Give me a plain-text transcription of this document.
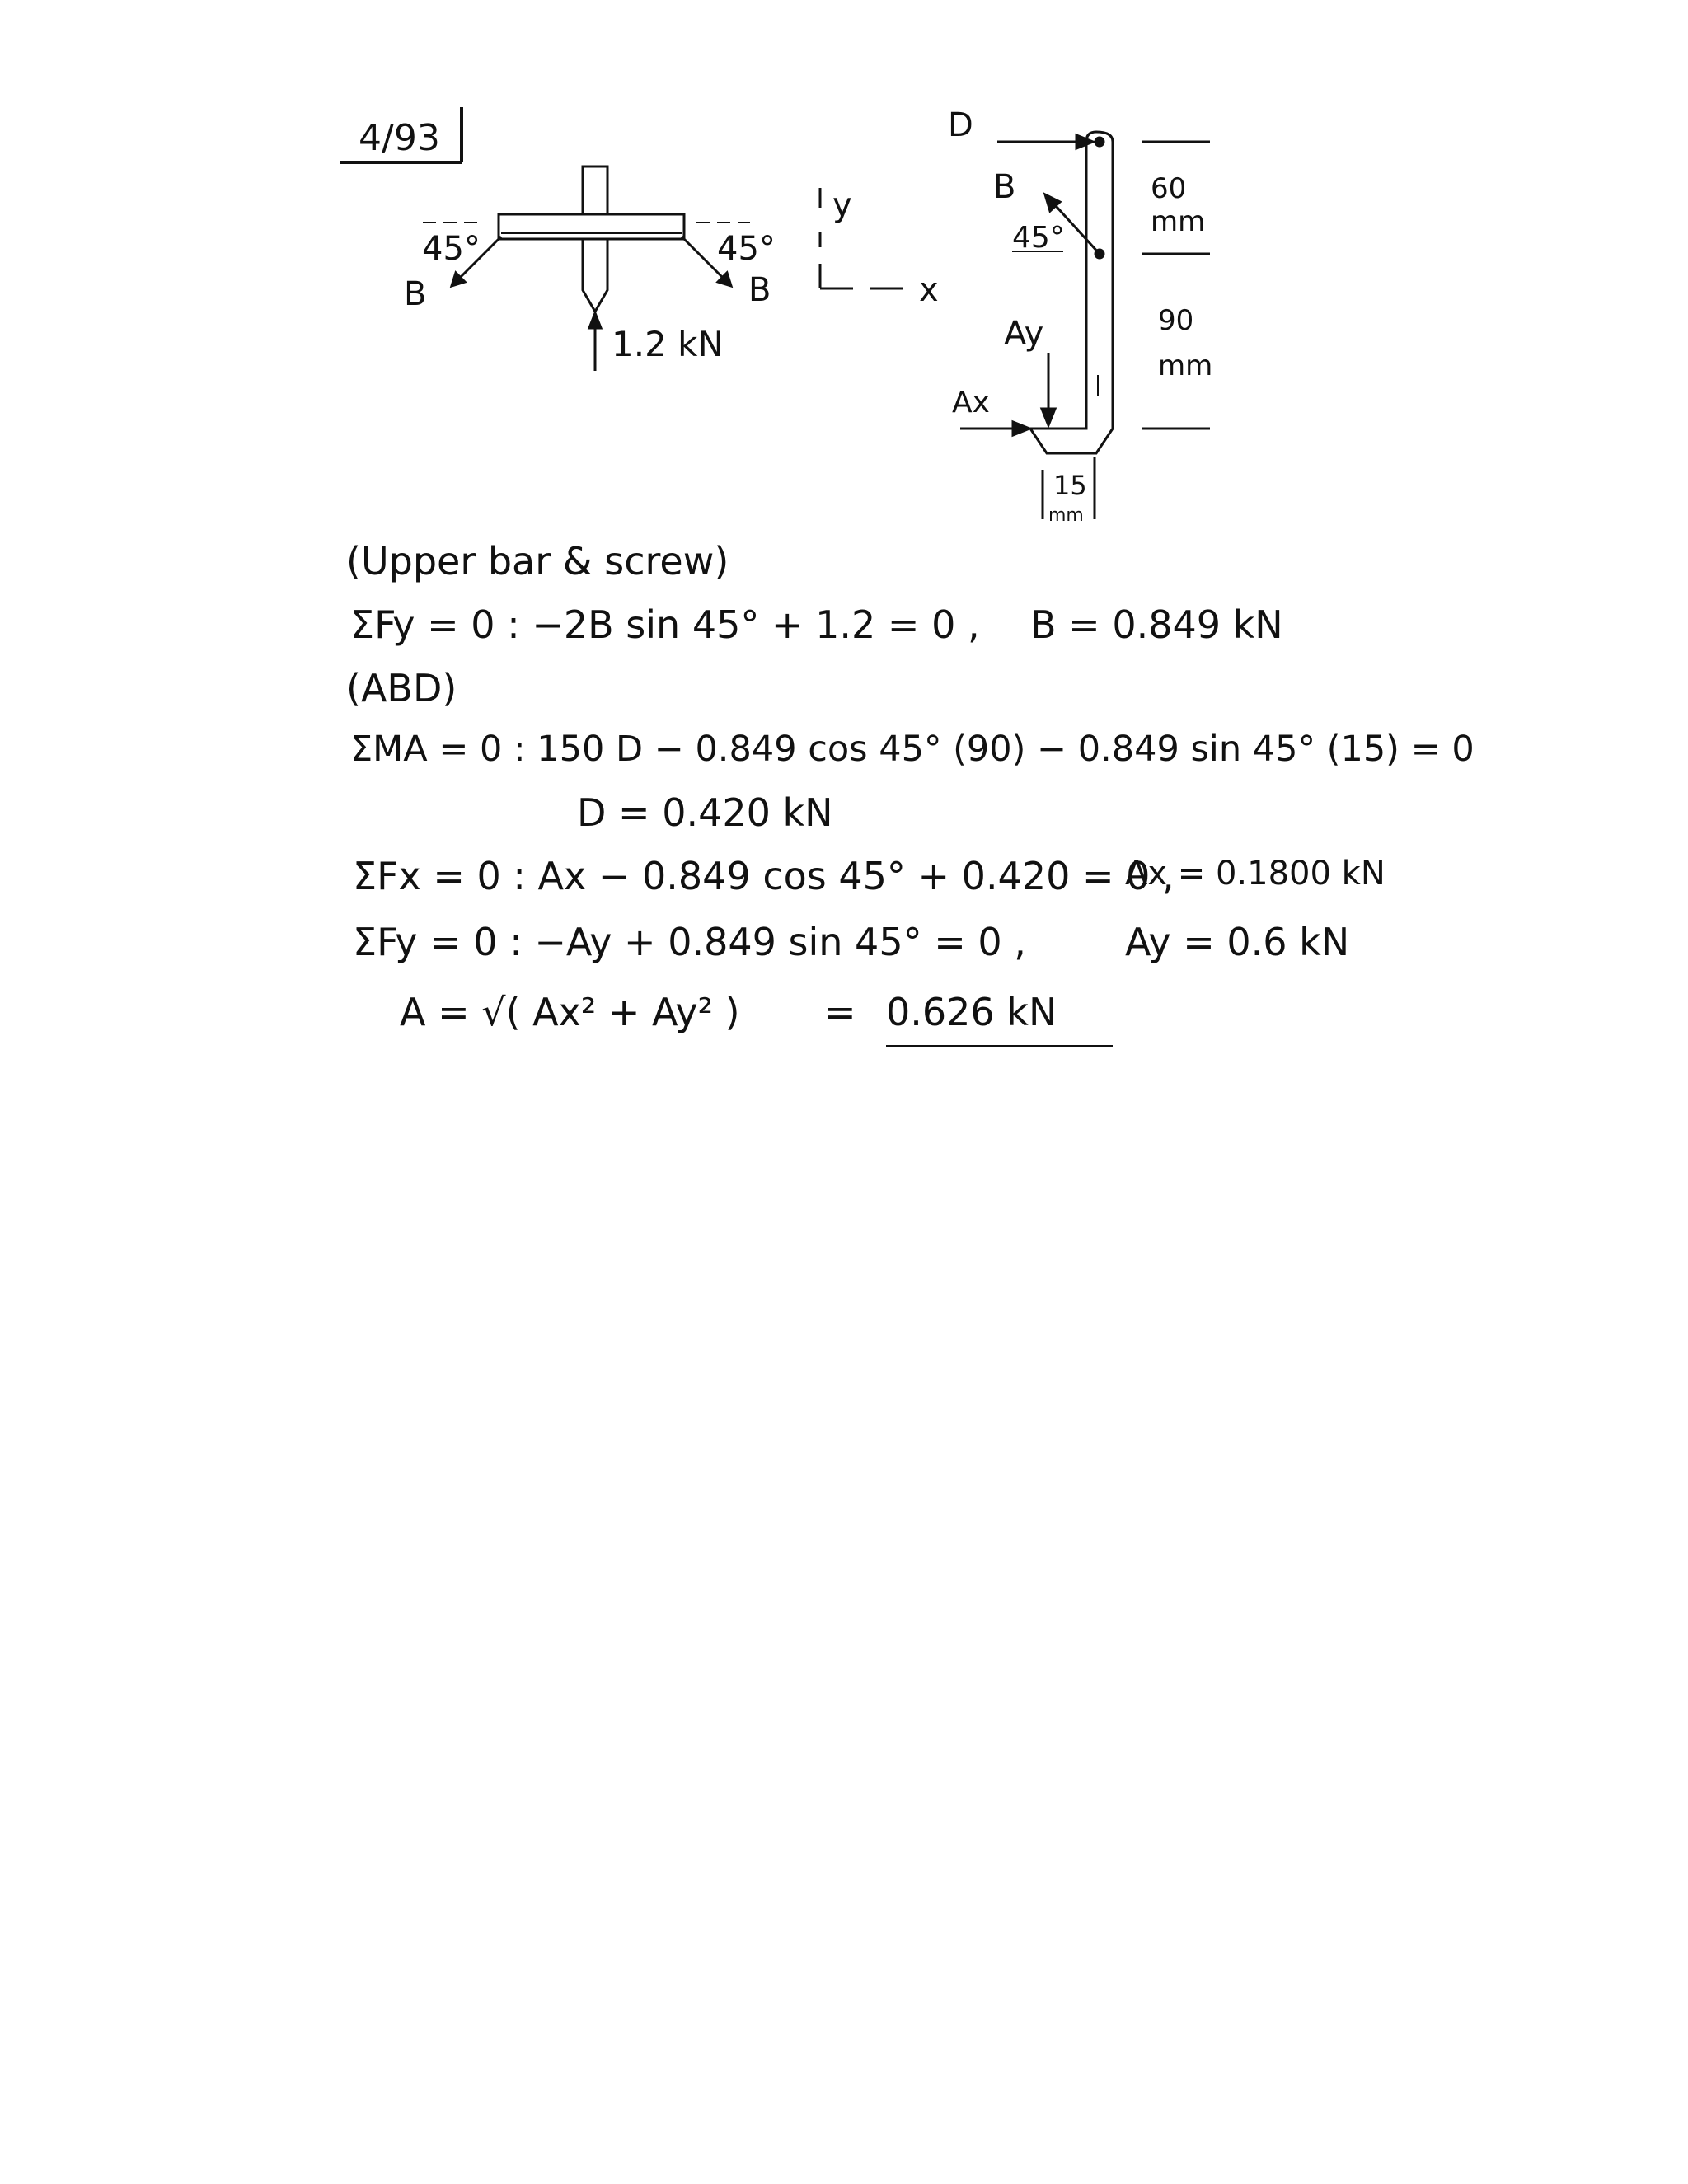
4/93
45°	45°
B	B
1.2 kN
y
x
D
B
45°
Ay
Ax
60
mm
90
mm
15
mm
(Upper bar & screw)
ΣFy = 0 : −2B sin 45° + 1.2 = 0 , B = 0.849 kN
(ABD)
ΣMA = 0 : 150 D − 0.849 cos 45° (90) − 0.849 sin 45° (15) = 0
D = 0.420 kN
ΣFx = 0 : Ax − 0.849 cos 45° + 0.420 = 0 ,
Ax = 0.1800 kN
ΣFy = 0 : −Ay + 0.849 sin 45° = 0 ,	Ay = 0.6 kN
A = √( Ax² + Ay² ) = 0.626 kN
